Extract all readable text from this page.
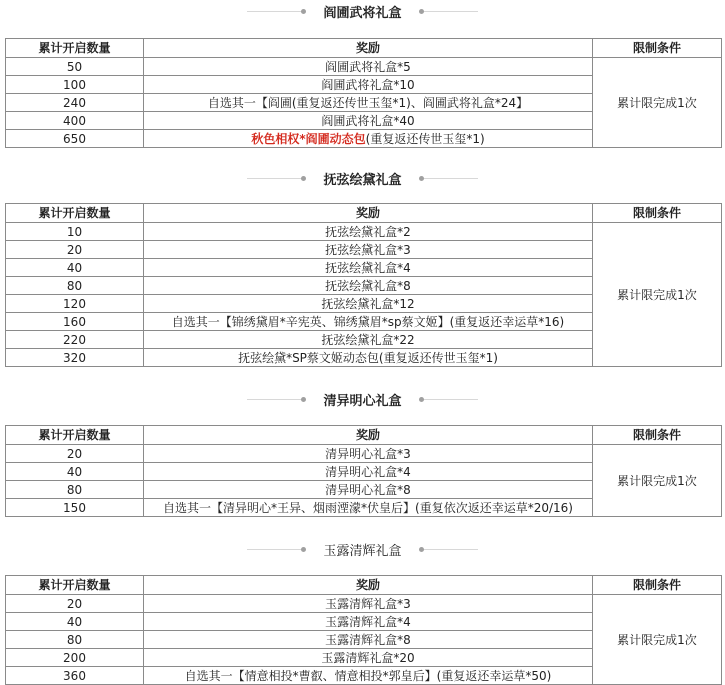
阎圃武将礼盒
累计开启数量	奖励	限制条件
50	阎圃武将礼盒*5	累计限完成1次
100	阎圃武将礼盒*10	
240	自选其一【阎圃(重复返还传世玉玺*1)、阎圃武将礼盒*24】	
400	阎圃武将礼盒*40	
650	秋色相权*阎圃动态包(重复返还传世玉玺*1)	
抚弦绘黛礼盒
累计开启数量	奖励	限制条件
10	抚弦绘黛礼盒*2	累计限完成1次
20	抚弦绘黛礼盒*3	
40	抚弦绘黛礼盒*4	
80	抚弦绘黛礼盒*8	
120	抚弦绘黛礼盒*12	
160	自选其一【锦绣黛眉*辛宪英、锦绣黛眉*sp蔡文姬】(重复返还幸运草*16)	
220	抚弦绘黛礼盒*22	
320	抚弦绘黛*SP蔡文姬动态包(重复返还传世玉玺*1)	
清异明心礼盒
累计开启数量	奖励	限制条件
20	清异明心礼盒*3	累计限完成1次
40	清异明心礼盒*4	
80	清异明心礼盒*8	
150	自选其一【清异明心*王异、烟雨湮濛*伏皇后】(重复依次返还幸运草*20/16)	
玉露清辉礼盒
累计开启数量	奖励	限制条件
20	玉露清辉礼盒*3	累计限完成1次
40	玉露清辉礼盒*4	
80	玉露清辉礼盒*8	
200	玉露清辉礼盒*20	
360	自选其一【情意相投*曹叡、情意相投*郭皇后】(重复返还幸运草*50)	
